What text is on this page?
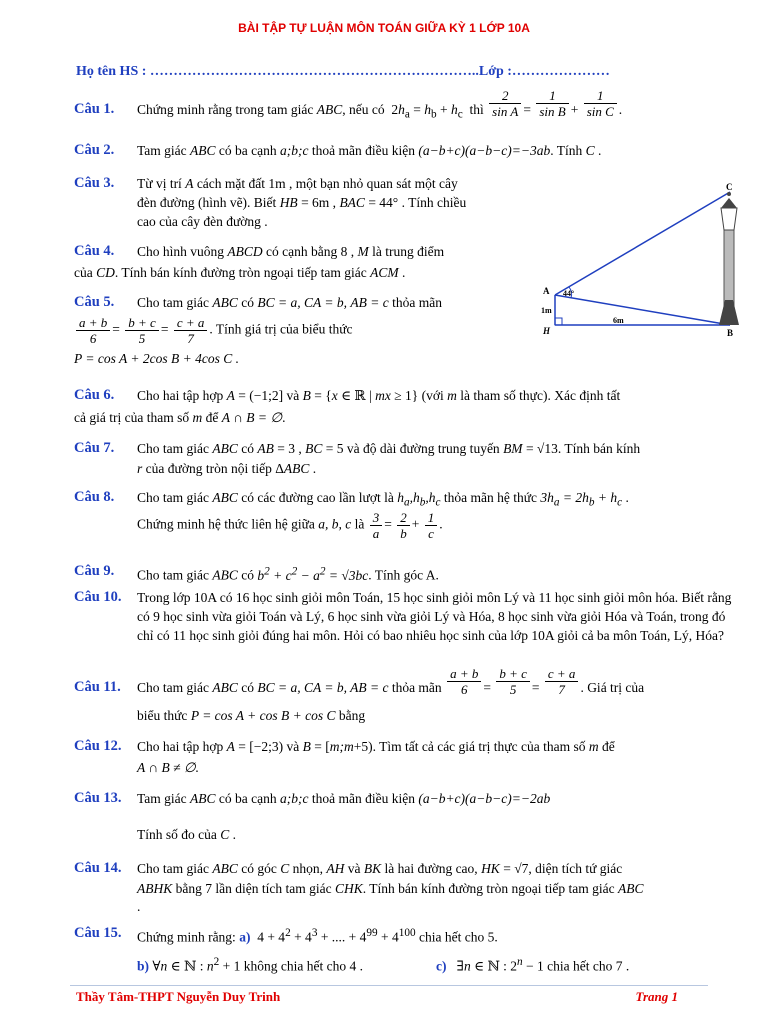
BÀI TẬP TỰ LUẬN MÔN TOÁN GIỮA KỲ 1 LỚP 10A
Họ tên HS : ……………………………………………………………..Lớp :…………………
Câu 1. Chứng minh rằng trong tam giác ABC, nếu có  $2h_a = h_b + h_c$ thì $\frac{2}{\text{sin A}} = \frac{1}{\text{sin B}} + \frac{1}{\text{sin C}}$ .
Câu 2. Tam giác ABC có ba cạnh a;b;c thoả mãn điều kiện (a−b+c)(a−b−c)=−3ab. Tính C .
Câu 3. Từ vị trí A cách mặt đất 1m , một bạn nhỏ quan sát một cây
đèn đường (hình vẽ). Biết HB = 6m , BAC = 44° . Tính chiều
cao của cây đèn đường .
C
A
H	B
44°
1m
6m
Câu 4. Cho hình vuông ABCD có cạnh bằng 8 , M là trung điểm
của CD. Tính bán kính đường tròn ngoại tiếp tam giác ACM .
Câu 5. Cho tam giác ABC có BC = a, CA = b, AB = c thỏa mãn
$\frac{a + b}{6} = \frac{b + c}{5} = \frac{c + a}{7}$ . Tính giá trị của biểu thức
P = cos A + 2cos B + 4cos C .
Câu 6. Cho hai tập hợp A = (−1;2] và B = {x ∈ ℝ | mx ≥ 1} (với m là tham số thực). Xác định tất
cả giá trị của tham số m để A ∩ B = ∅.
Câu 7. Cho tam giác ABC có AB = 3 , BC = 5 và độ dài đường trung tuyến BM = √13. Tính bán kính
r của đường tròn nội tiếp ΔABC .
Câu 8. Cho tam giác ABC có các đường cao lần lượt là $h_a,h_b,h_c$ thỏa mãn hệ thức $3h_a = 2h_b + h_c$ .
Chứng minh hệ thức liên hệ giữa a, b, c là $\frac{3}{a} = \frac{2}{b} + \frac{1}{c}$ .
Câu 9. Cho tam giác ABC có $b^2 + c^2 - a^2 = √3bc$. Tính góc A.
Câu 10. Trong lớp 10A có 16 học sinh giỏi môn Toán, 15 học sinh giỏi môn Lý và 11 học sinh giỏi môn hóa. Biết rằng có 9 học sinh vừa giỏi Toán và Lý, 6 học sinh vừa giỏi Lý và Hóa, 8 học sinh vừa giỏi Hóa và Toán, trong đó chỉ có 11 học sinh giỏi đúng hai môn. Hỏi có bao nhiêu học sinh của lớp 10A giỏi cả ba môn Toán, Lý, Hóa?
Câu 11. Cho tam giác ABC có BC = a, CA = b, AB = c thỏa mãn $\frac{a + b}{6} = \frac{b + c}{5} = \frac{c + a}{7}$ . Giá trị của
biểu thức P = cos A + cos B + cos C bằng
Câu 12. Cho hai tập hợp A = [−2;3) và B = [m;m+5). Tìm tất cả các giá trị thực của tham số m để
A ∩ B ≠ ∅.
Câu 13. Tam giác ABC có ba cạnh a;b;c thoả mãn điều kiện (a−b+c)(a−b−c)=−2ab
Tính số đo của C .
Câu 14. Cho tam giác ABC có góc C nhọn, AH và BK là hai đường cao, HK = √7, diện tích tứ giác
ABHK bằng 7 lần diện tích tam giác CHK. Tính bán kính đường tròn ngoại tiếp tam giác ABC
.
Câu 15. Chứng minh rằng: a)  $4 + 4^2 + 4^3$ + .... + $4^{99} + 4^{100}$ chia hết cho 5.
b) ∀n ∈ ℕ : $n^2 + 1$ không chia hết cho 4 .	c)   ∃n ∈ ℕ : $2^n - 1$ chia hết cho 7 .
Thầy Tâm-THPT Nguyễn Duy Trinh	Trang 1
